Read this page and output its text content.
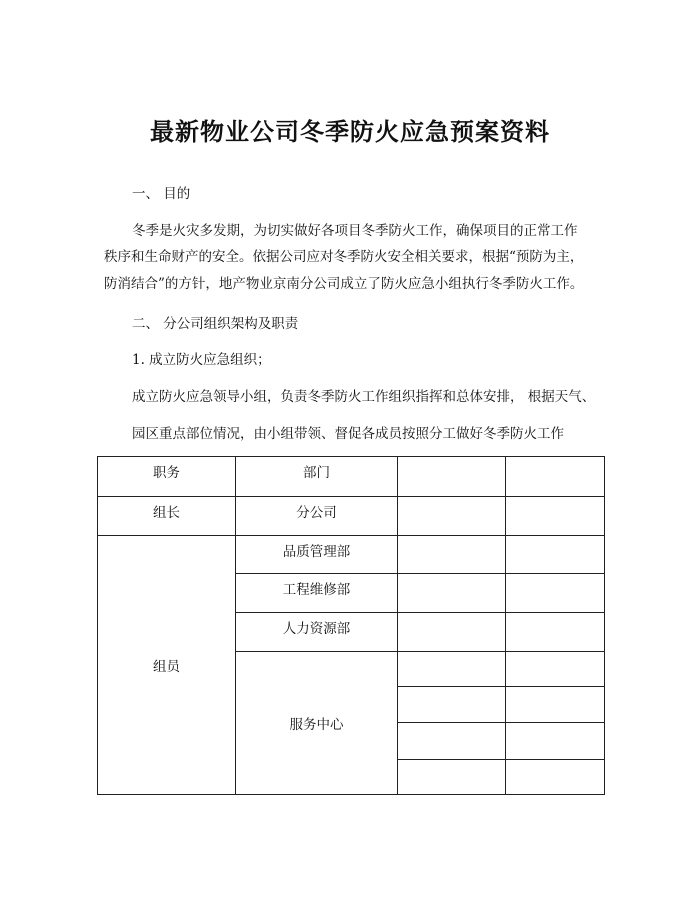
最新物业公司冬季防火应急预案资料
一、 目的
冬季是火灾多发期，为切实做好各项目冬季防火工作，确保项目的正常工作
秩序和生命财产的安全。依据公司应对冬季防火安全相关要求，根据“预防为主，
防消结合”的方针，地产物业京南分公司成立了防火应急小组执行冬季防火工作。
二、 分公司组织架构及职责
1. 成立防火应急组织；
成立防火应急领导小组，负责冬季防火工作组织指挥和总体安排， 根据天气、
园区重点部位情况，由小组带领、督促各成员按照分工做好冬季防火工作
职务	部门		

组长	分公司		

组员	品质管理部		

	工程维修部		

	人力资源部		

	服务中心		
